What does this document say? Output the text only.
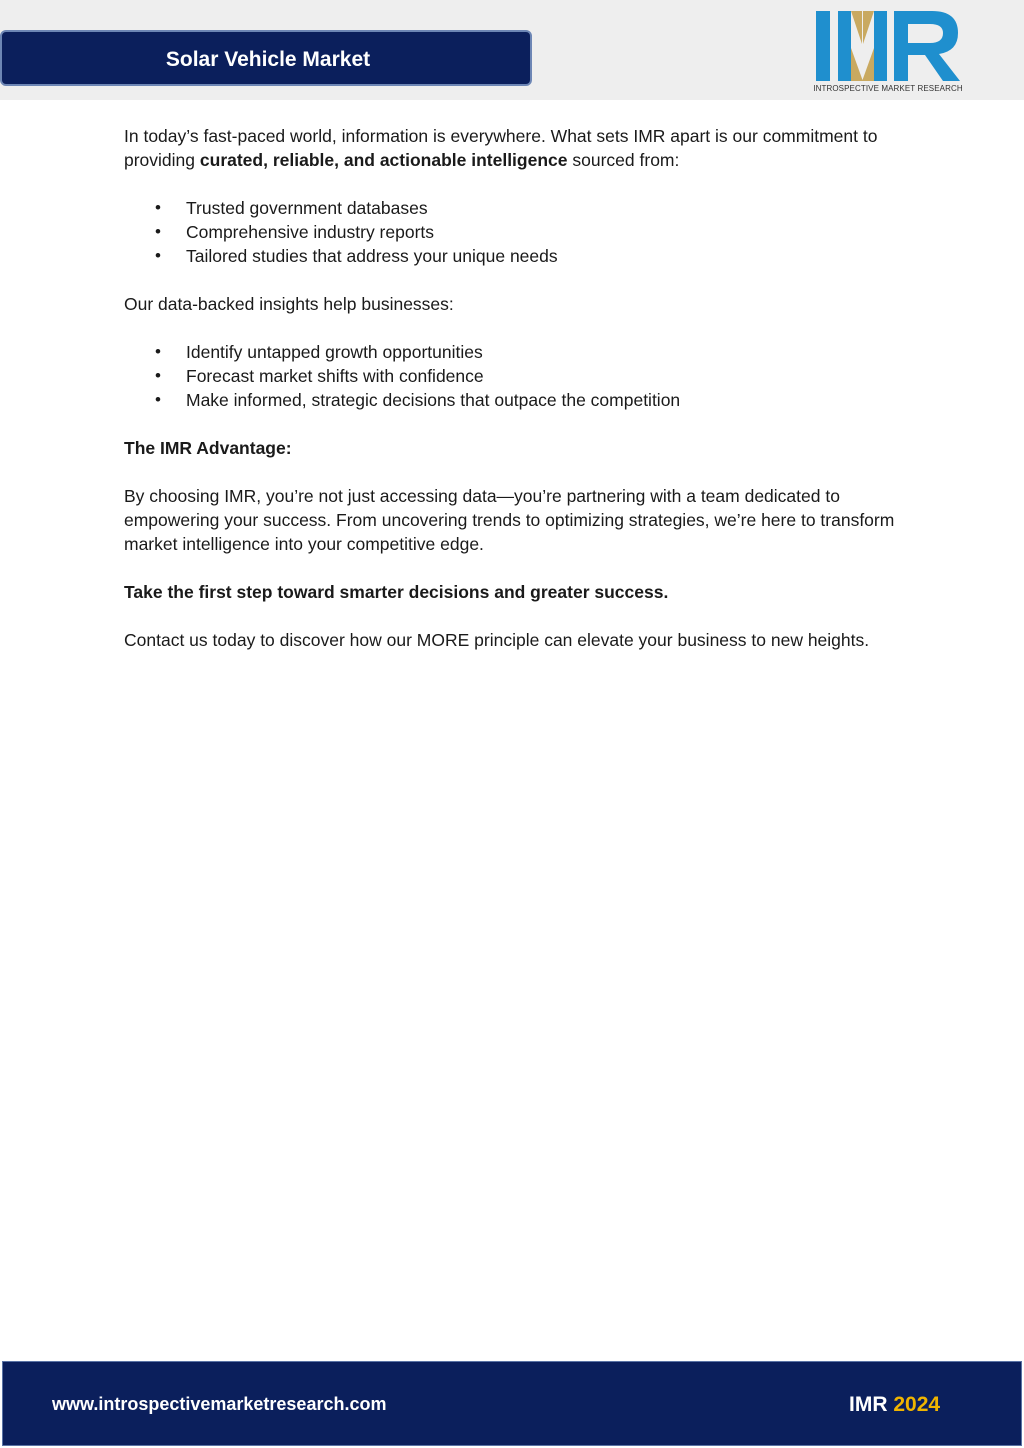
Solar Vehicle Market
INTROSPECTIVE MARKET RESEARCH

In today’s fast-paced world, information is everywhere. What sets IMR apart is our commitment to providing curated, reliable, and actionable intelligence sourced from:

• Trusted government databases
• Comprehensive industry reports
• Tailored studies that address your unique needs

Our data-backed insights help businesses:

• Identify untapped growth opportunities
• Forecast market shifts with confidence
• Make informed, strategic decisions that outpace the competition

The IMR Advantage:

By choosing IMR, you’re not just accessing data—you’re partnering with a team dedicated to empowering your success. From uncovering trends to optimizing strategies, we’re here to transform market intelligence into your competitive edge.

Take the first step toward smarter decisions and greater success.

Contact us today to discover how our MORE principle can elevate your business to new heights.

www.introspectivemarketresearch.com	IMR 2024
